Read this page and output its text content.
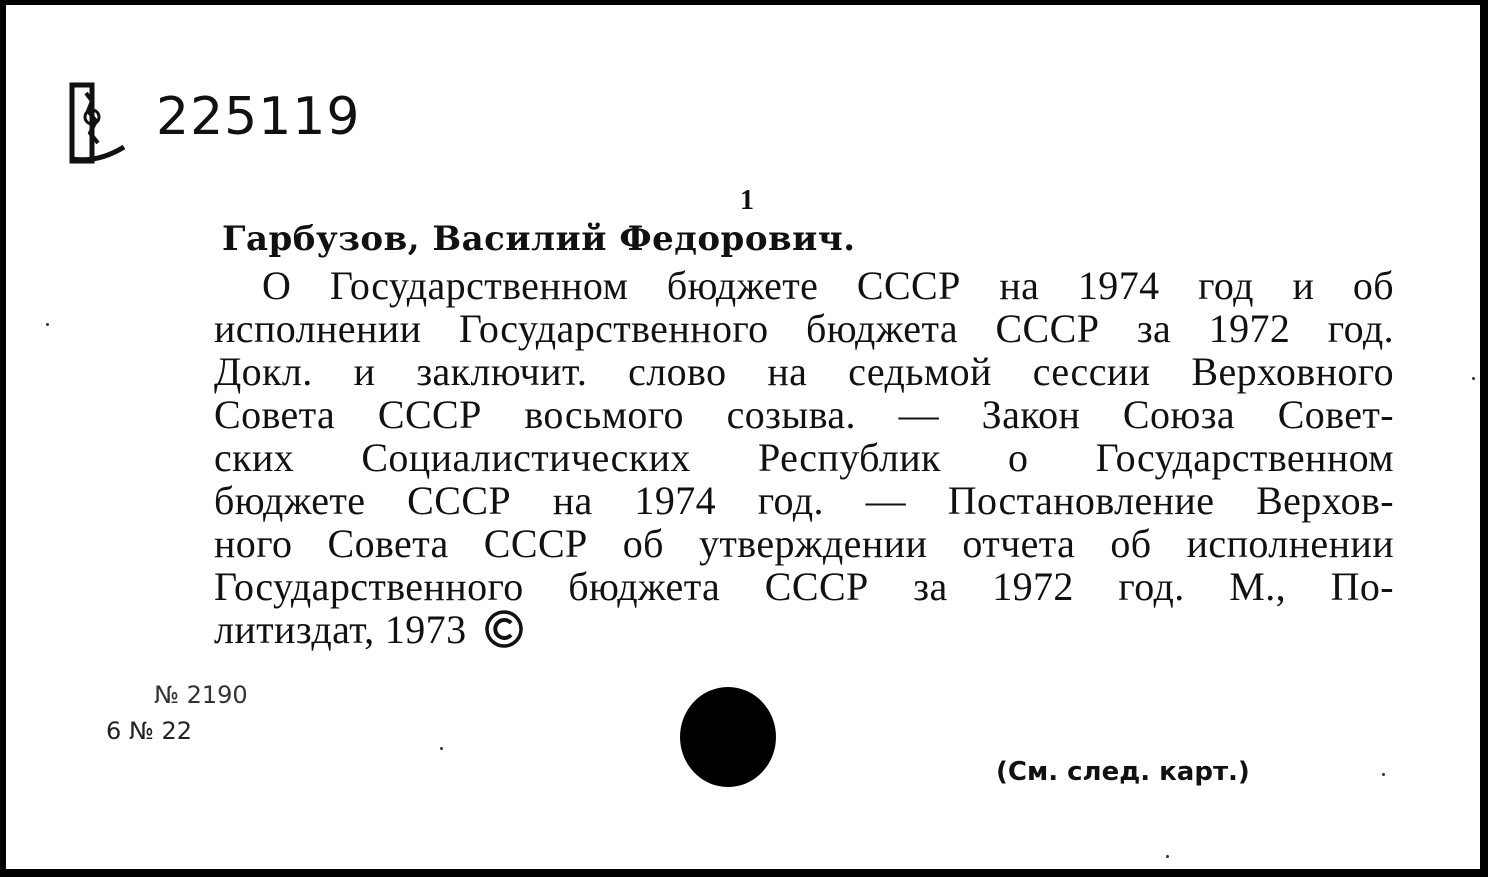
225119
1
Гарбузов, Василий Федорович.
О Государственном бюджете СССР на 1974 год и об
исполнении Государственного бюджета СССР за 1972 год.
Докл. и заключит. слово на седьмой сессии Верховного
Совета СССР восьмого созыва. — Закон Союза Совет-
ских Социалистических Республик о Государственном
бюджете СССР на 1974 год. — Постановление Верхов-
ного Совета СССР об утверждении отчета об исполнении
Государственного бюджета СССР за 1972 год. М., По-
литиздат, 1973
№ 2190
6 № 22
(См. след. карт.)
